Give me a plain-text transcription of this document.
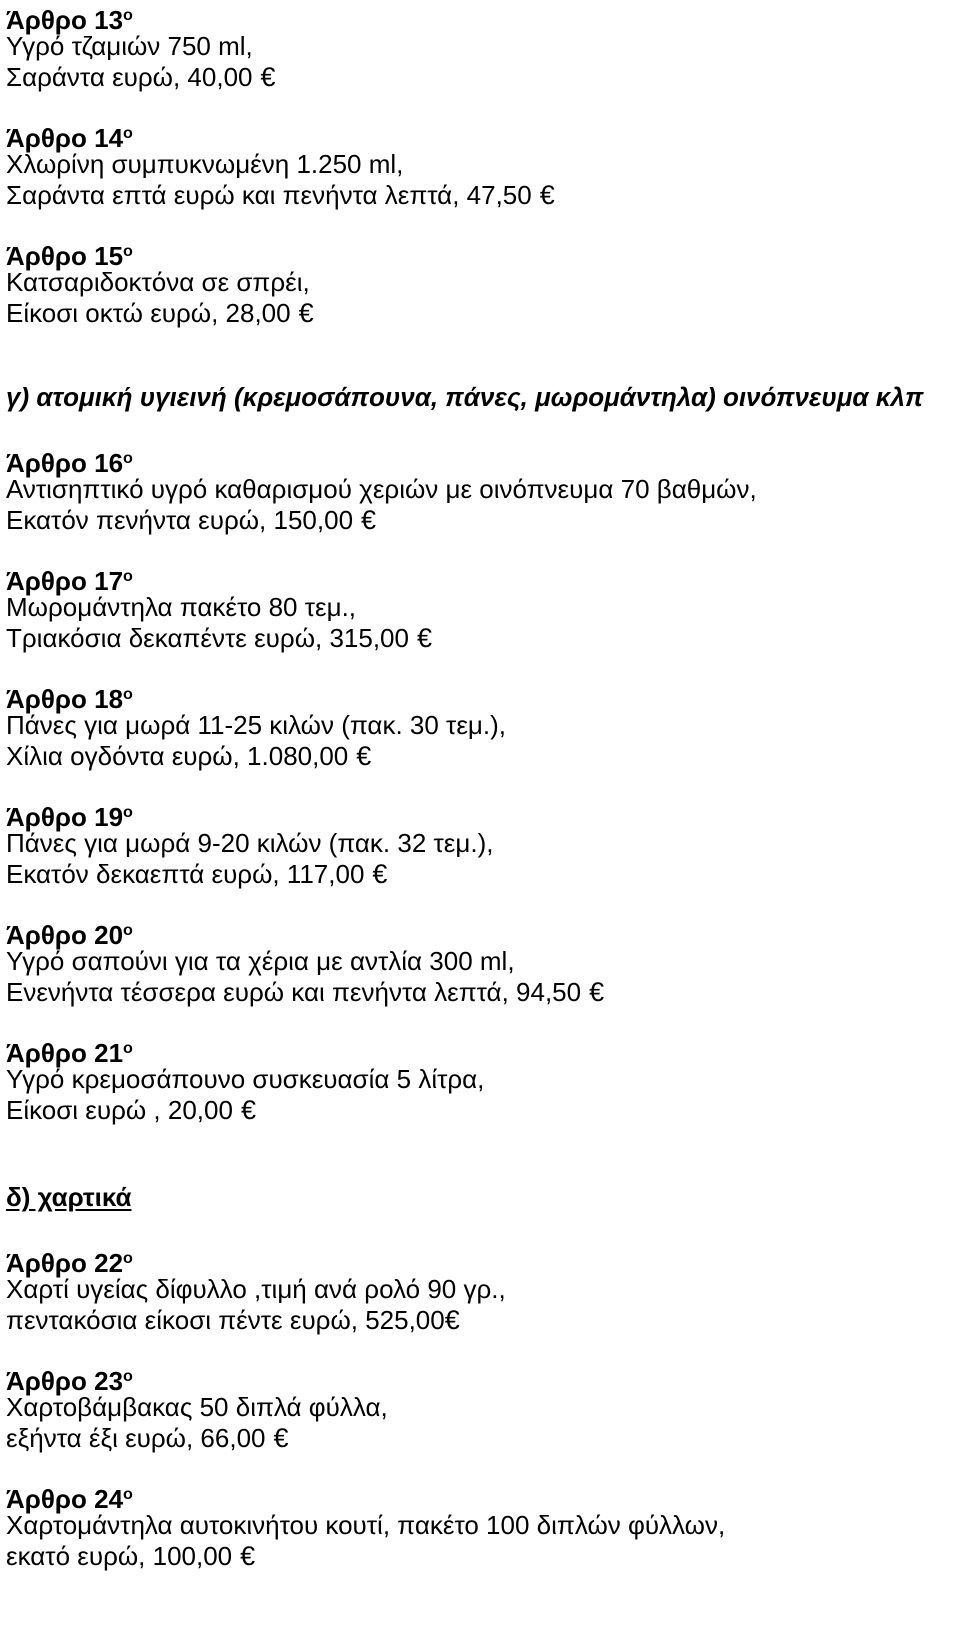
Άρθρο $13^o$
Υγρό τζαμιών 750 ml,
Σαράντα ευρώ, 40,00 €
Άρθρο $14^o$
Χλωρίνη συμπυκνωμένη 1.250 ml,
Σαράντα επτά ευρώ και πενήντα λεπτά, 47,50 €
Άρθρο $15^o$
Κατσαριδοκτόνα σε σπρέι,
Είκοσι οκτώ ευρώ, 28,00 €
γ) ατομική υγιεινή (κρεμοσάπουνα, πάνες, μωρομάντηλα) οινόπνευμα κλπ
Άρθρο $16^o$
Αντισηπτικό υγρό καθαρισμού χεριών με οινόπνευμα 70 βαθμών,
Εκατόν πενήντα ευρώ, 150,00 €
Άρθρο $17^o$
Μωρομάντηλα πακέτο 80 τεμ.,
Τριακόσια δεκαπέντε ευρώ, 315,00 €
Άρθρο $18^o$
Πάνες για μωρά 11-25 κιλών (πακ. 30 τεμ.),
Χίλια ογδόντα ευρώ, 1.080,00 €
Άρθρο $19^o$
Πάνες για μωρά 9-20 κιλών (πακ. 32 τεμ.),
Εκατόν δεκαεπτά ευρώ, 117,00 €
Άρθρο $20^o$
Υγρό σαπούνι για τα χέρια με αντλία 300 ml,
Ενενήντα τέσσερα ευρώ και πενήντα λεπτά, 94,50 €
Άρθρο $21^o$
Υγρό κρεμοσάπουνο συσκευασία 5 λίτρα,
Είκοσι ευρώ , 20,00 €
δ) χαρτικά
Άρθρο $22^o$
Χαρτί υγείας δίφυλλο ,τιμή ανά ρολό 90 γρ.,
πεντακόσια είκοσι πέντε ευρώ, 525,00€
Άρθρο $23^o$
Χαρτοβάμβακας 50 διπλά φύλλα,
εξήντα έξι ευρώ, 66,00 €
Άρθρο $24^o$
Χαρτομάντηλα αυτοκινήτου κουτί, πακέτο 100 διπλών φύλλων,
εκατό ευρώ, 100,00 €
